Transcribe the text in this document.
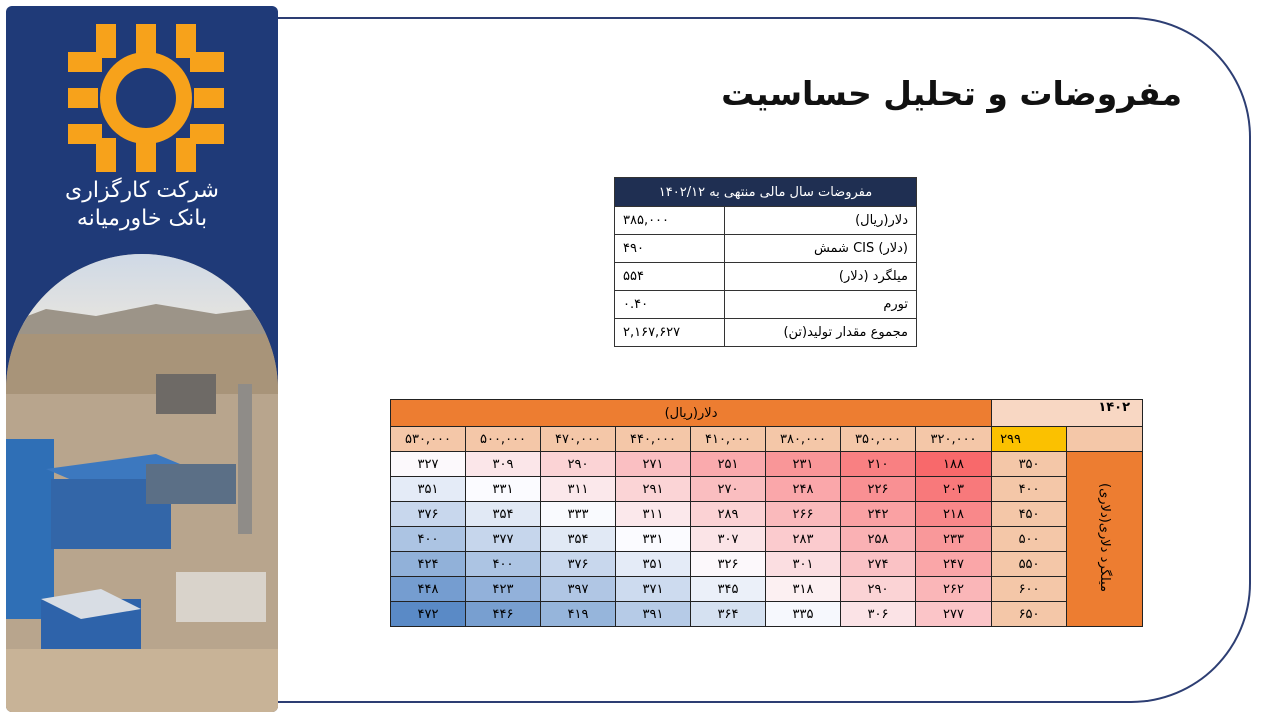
شرکت کارگزاری
بانک خاورمیانه
مفروضات و تحلیل حساسیت
مفروضات سال مالی منتهی به ۱۴۰۲/۱۲	
۳۸۵,۰۰۰	دلار(ریال)
۴۹۰	(دلار) CIS شمش
۵۵۴	میلگرد (دلار)
۰.۴۰	تورم
۲,۱۶۷,۶۲۷	مجموع مقدار تولید(تن)
دلار(ریال)								۱۴۰۲	
۵۳۰,۰۰۰	۵۰۰,۰۰۰	۴۷۰,۰۰۰	۴۴۰,۰۰۰	۴۱۰,۰۰۰	۳۸۰,۰۰۰	۳۵۰,۰۰۰	۳۲۰,۰۰۰	۲۹۹	
۳۲۷	۳۰۹	۲۹۰	۲۷۱	۲۵۱	۲۳۱	۲۱۰	۱۸۸	۳۵۰	میلگرد دلاری(دلاری)
۳۵۱	۳۳۱	۳۱۱	۲۹۱	۲۷۰	۲۴۸	۲۲۶	۲۰۳	۴۰۰	
۳۷۶	۳۵۴	۳۳۳	۳۱۱	۲۸۹	۲۶۶	۲۴۲	۲۱۸	۴۵۰	
۴۰۰	۳۷۷	۳۵۴	۳۳۱	۳۰۷	۲۸۳	۲۵۸	۲۳۳	۵۰۰	
۴۲۴	۴۰۰	۳۷۶	۳۵۱	۳۲۶	۳۰۱	۲۷۴	۲۴۷	۵۵۰	
۴۴۸	۴۲۳	۳۹۷	۳۷۱	۳۴۵	۳۱۸	۲۹۰	۲۶۲	۶۰۰	
۴۷۲	۴۴۶	۴۱۹	۳۹۱	۳۶۴	۳۳۵	۳۰۶	۲۷۷	۶۵۰	
